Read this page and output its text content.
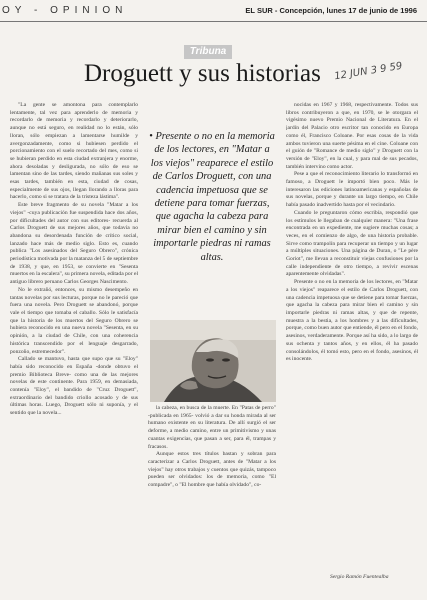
OY - OPINION	EL SUR - Concepción, lunes 17 de junio de 1996
Tribuna
Droguett y sus historias	12 JUN 3 9 59

"La gente se amontona para contemplarlo lentamente, tal vez para aprenderlo de memoria y recordarlo de memoria y recordarlo y deteriorarlo, aunque no está seguro, en realidad no lo están, sólo lloran, sólo empiezan a lamentarse humilde y avergonzadamente, como si hubiesen perdido el porcionamiento con el suelo recortado del mes, como si se hubieran perdido en esta ciudad extranjera y enorme, ahora desoladas y desligurada, no sólo de eso se lamentan sino de las tardes, siendo mañanas sus soles y esas tardes, también en esta, ciudad de cosas, especialmente de sus ojos, llegan llorando a lloras para hacerlo, como si se tratara de la tristeza lástima".

Este breve fragmento de su novela "Matar a los viejos" -cuya publicación fue suspendida hace dos años, por dificultades del autor con sus editores- recuerda al Carlos Droguett de sus mejores años, que todavía no abandona su desordenada función de crítico social, lanzado hace más de medio siglo. Esto es, cuando publica "Los asesinados del Seguro Obrero", crónica periodística motivada por la matanza del 5 de septiembre de 1938, y que, en 1953, se convierte en "Sesenta muertos en la escalera", su primera novela, editada por el antiguo librero peruano Carlos Georges Nascimento.

No le extrañó, entonces, su mismo desempeño en tantas novelas por sus lecturas, porque no le pareció que fuera una novela. Pero Droguett se abandonó, porque vale el tiempo que tomaba el caballo. Sólo le satisfacía que la historia de los muertos del Seguro Obrero se hubiera reconocido en una nueva novela "Sesenta, en su opinión, a la ciudad de Chile, con una coherencia histórica transcendido por el lenguaje desgarrado, ponzoño, estremecedor".

Callado se mantuvo, hasta que supo que su "Eloy" había sido reconocido en España -donde obtuvo el premio Biblioteca Breve- como una de las mejores novelas de este continente. Para 1959, en demasiada, contenía "Eloy", el bandido de "Cruz Droguett", extraordinario del bandido criollo acosado y de sus últimas horas. Luego, Droguett sólo ni suponía, y el sentido que la novela...

• Presente o no en la memoria de los lectores, en "Matar a los viejos" reaparece el estilo de Carlos Droguett, con una cadencia impetuosa que se detiene para tomar fuerzas, que agacha la cabeza para mirar bien el camino y sin importarle piedras ni ramas altas.

la cabeza, en busca de la muerte. En "Patas de perro" -publicada en 1965- volvió a dar su honda mirada al ser humano existente en su literatura. De allí surgió el ser deforme, a medio camino, entre un primitivismo y unas cuantas exigencias, que pasan a ser, para él, trampas y fracasos.

Aunque estos tres títulos bastan y sobran para caracterizar a Carlos Droguett, antes de "Matar a los viejos" hay otros trabajos y cuentos que quizás, tampoco pueden ser olvidados: los de memoria, como "El compadre", o "El hombre que había olvidado", co-

nocidas en 1967 y 1968, respectivamente. Todos sus libros contribuyeron a que, en 1970, se le otorgara el vigésimo nuevo Premio Nacional de Literatura. En el jardín del Palacio otro escritor tan conocido en Europa como él, Francisco Coloane. Por esas cosas de la vida ambos tuvieron una suerte pésima en el cine. Coloane con el guión de "Romance de medio siglo" y Droguett con la versión de "Eloy", en la cual, y para mal de sus pecados, también intervino como actor.

Pese a que el reconocimiento literario lo transformó en famoso, a Droguett le importó bien poco. Más le interesaron las ediciones latinoamericanas y españolas de sus novelas, porque y durante un largo tiempo, en Chile había pasado inadvertido hasta por el vecindario.

Cuando le preguntaron cómo escribía, respondió que los estímulos le llegaban de cualquier manera: "Una frase encontrada en un expediente, me sugiere muchas cosas; a veces, en el comienzo de algo, de una historia probable. Sirve como trampolín para recuperar un tiempo y un lugar a múltiples situaciones. Una página de Duran, o "Le père Goriot", me llevan a reconstituir viejas confusiones por la calle independiente de otro tiempo, a revivir escenas aparentemente olvidadas".

Presente o no en la memoria de los lectores, en "Matar a los viejos" reaparece el estilo de Carlos Droguett, con una cadencia impetuosa que se detiene para tomar fuerzas, que agacha la cabeza para mirar bien el camino y sin importarle piedras ni ramas altas, y que de repente, muestra a la bestia, a los hombres y a las dificultades, porque, como buen autor que entiende, él pero en el fondo, asesinos, verdaderamente. Porque así ha sido, a lo largo de sus ochenta y tantos años, y en ellos, él ha pasado consolándolos, él tomó esto, pero en el fondo, asesinos, él es inocente.

Sergio Ramón Fuentealba
